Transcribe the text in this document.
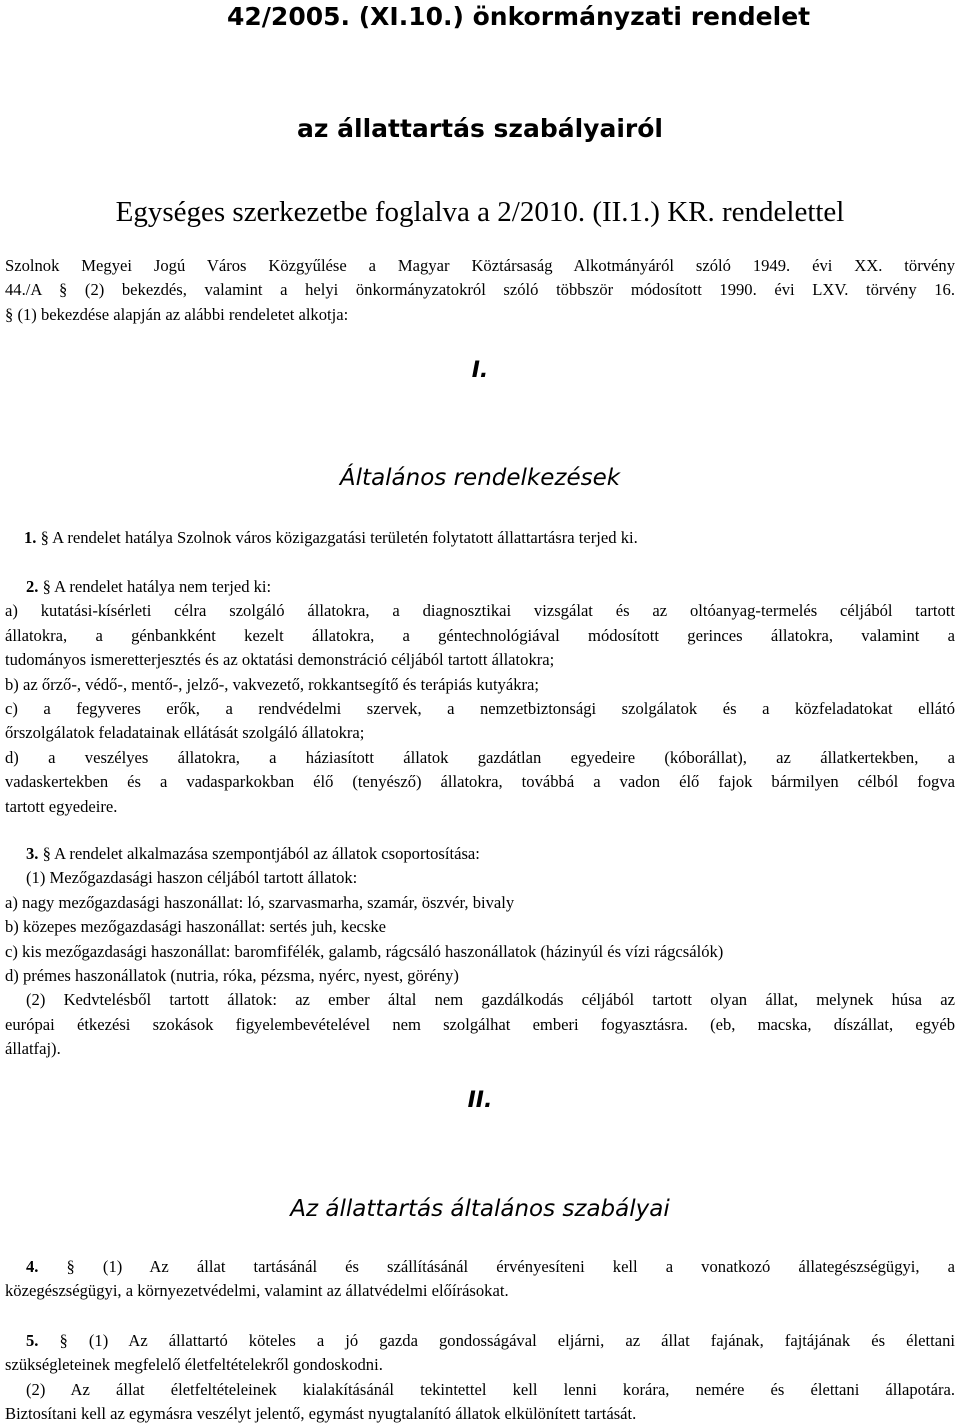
42/2005. (XI.10.) önkormányzati rendelet
az állattartás szabályairól
Egységes szerkezetbe foglalva a 2/2010. (II.1.) KR. rendelettel
Szolnok Megyei Jogú Város Közgyűlése a Magyar Köztársaság Alkotmányáról szóló 1949. évi XX. törvény
44./A § (2) bekezdés, valamint a helyi önkormányzatokról szóló többször módosított 1990. évi LXV. törvény 16.
§ (1) bekezdése alapján az alábbi rendeletet alkotja:
I.
Általános rendelkezések
1. § A rendelet hatálya Szolnok város közigazgatási területén folytatott állattartásra terjed ki.
2. § A rendelet hatálya nem terjed ki:
a) kutatási-kísérleti célra szolgáló állatokra, a diagnosztikai vizsgálat és az oltóanyag-termelés céljából tartott
állatokra, a génbankként kezelt állatokra, a géntechnológiával módosított gerinces állatokra, valamint a
tudományos ismeretterjesztés és az oktatási demonstráció céljából tartott állatokra;
b) az őrző-, védő-, mentő-, jelző-, vakvezető, rokkantsegítő és terápiás kutyákra;
c) a fegyveres erők, a rendvédelmi szervek, a nemzetbiztonsági szolgálatok és a közfeladatokat ellátó
őrszolgálatok feladatainak ellátását szolgáló állatokra;
d) a veszélyes állatokra, a háziasított állatok gazdátlan egyedeire (kóborállat), az állatkertekben, a
vadaskertekben és a vadasparkokban élő (tenyésző) állatokra, továbbá a vadon élő fajok bármilyen célból fogva
tartott egyedeire.
3. § A rendelet alkalmazása szempontjából az állatok csoportosítása:
(1) Mezőgazdasági haszon céljából tartott állatok:
a) nagy mezőgazdasági haszonállat: ló, szarvasmarha, szamár, öszvér, bivaly
b) közepes mezőgazdasági haszonállat: sertés juh, kecske
c) kis mezőgazdasági haszonállat: baromfifélék, galamb, rágcsáló haszonállatok (házinyúl és vízi rágcsálók)
d) prémes haszonállatok (nutria, róka, pézsma, nyérc, nyest, görény)
(2) Kedvtelésből tartott állatok: az ember által nem gazdálkodás céljából tartott olyan állat, melynek húsa az
európai étkezési szokások figyelembevételével nem szolgálhat emberi fogyasztásra. (eb, macska, díszállat, egyéb
állatfaj).
II.
Az állattartás általános szabályai
4. § (1) Az állat tartásánál és szállításánál érvényesíteni kell a vonatkozó állategészségügyi, a
közegészségügyi, a környezetvédelmi, valamint az állatvédelmi előírásokat.
5. § (1) Az állattartó köteles a jó gazda gondosságával eljárni, az állat fajának, fajtájának és élettani
szükségleteinek megfelelő életfeltételekről gondoskodni.
(2) Az állat életfeltételeinek kialakításánál tekintettel kell lenni korára, nemére és élettani állapotára.
Biztosítani kell az egymásra veszélyt jelentő, egymást nyugtalanító állatok elkülönített tartását.
